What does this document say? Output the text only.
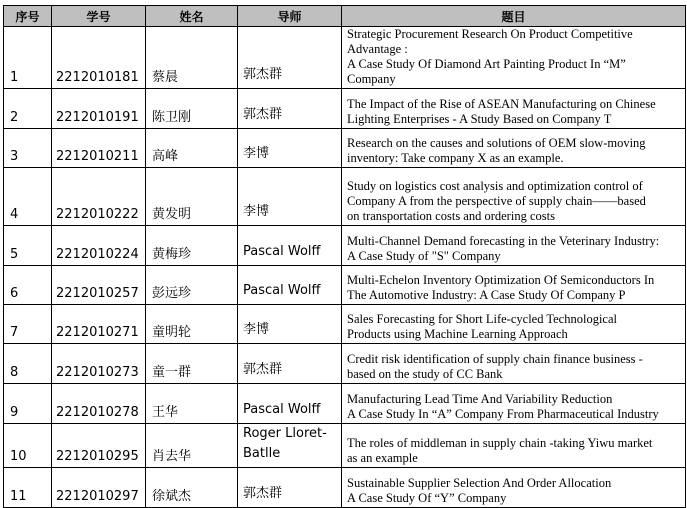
序号	学号	姓名	导师	题目
1	2212010181	蔡晨	郭杰群	Strategic Procurement Research On Product Competitive
Advantage :
A Case Study Of Diamond Art Painting Product In “M”
Company

2	2212010191	陈卫刚	郭杰群	The Impact of the Rise of ASEAN Manufacturing on Chinese
Lighting Enterprises - A Study Based on Company T

3	2212010211	高峰	李博	Research on the causes and solutions of OEM slow-moving
inventory: Take company X as an example.

4	2212010222	黄发明	李博	Study on logistics cost analysis and optimization control of
Company A from the perspective of supply chain——based
on transportation costs and ordering costs

5	2212010224	黄梅珍	Pascal Wolff	Multi-Channel Demand forecasting in the Veterinary Industry:
A Case Study of "S" Company

6	2212010257	彭远珍	Pascal Wolff	Multi-Echelon Inventory Optimization Of Semiconductors In
The Automotive Industry: A Case Study Of Company P

7	2212010271	童明轮	李博	Sales Forecasting for Short Life-cycled Technological
Products using Machine Learning Approach

8	2212010273	童一群	郭杰群	Credit risk identification of supply chain finance business -
based on the study of CC Bank

9	2212010278	王华	Pascal Wolff	Manufacturing Lead Time And Variability Reduction
A Case Study In “A” Company From Pharmaceutical Industry

10	2212010295	肖去华	Roger Lloret-Batlle	The roles of middleman in supply chain -taking Yiwu market
as an example

11	2212010297	徐斌杰	郭杰群	Sustainable Supplier Selection And Order Allocation
A Case Study Of “Y” Company
